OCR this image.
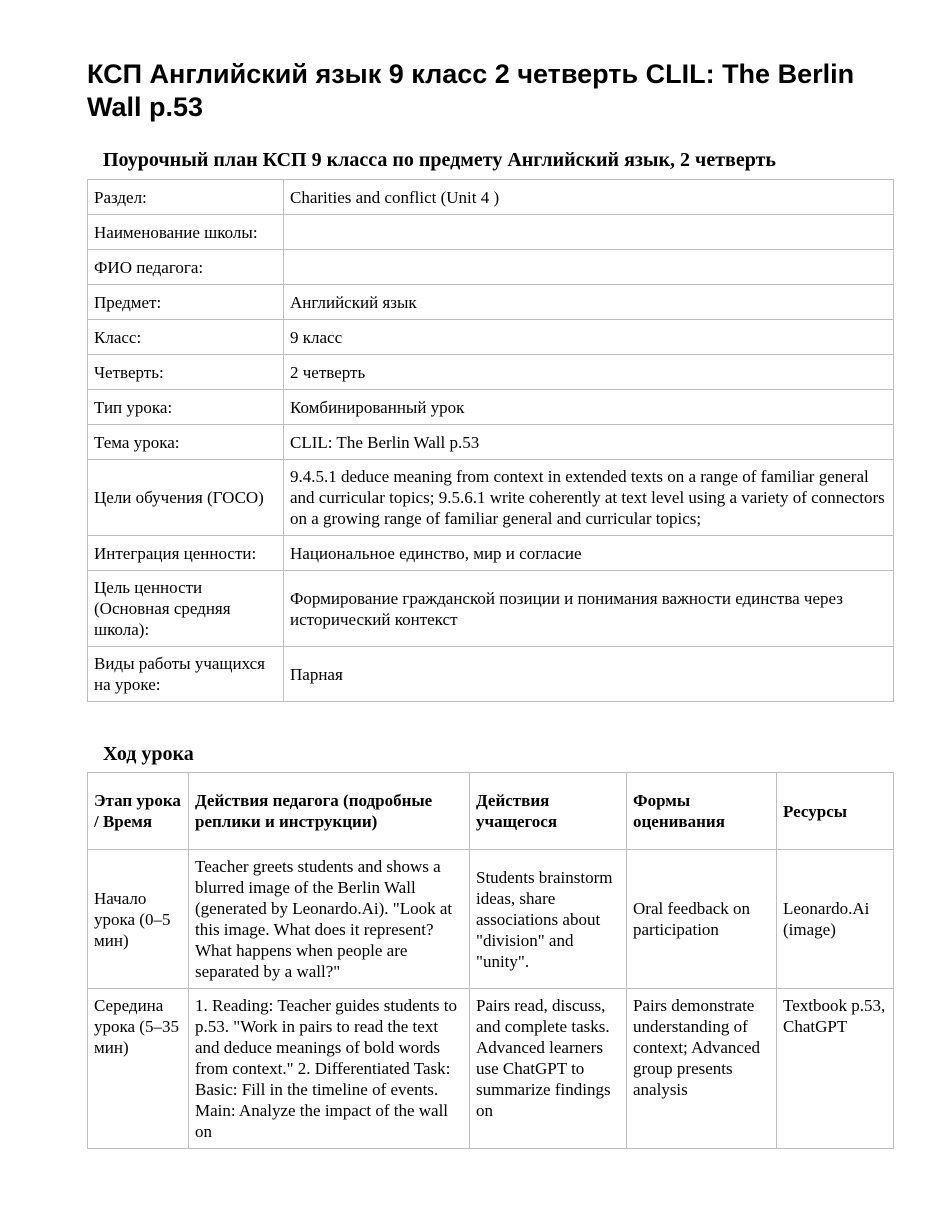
КСП Английский язык 9 класс 2 четверть CLIL: The Berlin Wall p.53
Поурочный план КСП 9 класса по предмету Английский язык, 2 четверть
Раздел:	Charities and conflict (Unit 4 )
Наименование школы:	
ФИО педагога:	
Предмет:	Английский язык
Класс:	9 класс
Четверть:	2 четверть
Тип урока:	Комбинированный урок
Тема урока:	CLIL: The Berlin Wall p.53
Цели обучения (ГОСО)	9.4.5.1 deduce meaning from context in extended texts on a range of familiar general and curricular topics; 9.5.6.1 write coherently at text level using a variety of connectors on a growing range of familiar general and curricular topics;
Интеграция ценности:	Национальное единство, мир и согласие
Цель ценности (Основная средняя школа):	Формирование гражданской позиции и понимания важности единства через исторический контекст
Виды работы учащихся на уроке:	Парная
Ход урока
Этап урока / Время	Действия педагога (подробные реплики и инструкции)	Действия учащегося	Формы оценивания	Ресурсы
Начало урока (0–5 мин)	Teacher greets students and shows a blurred image of the Berlin Wall (generated by Leonardo.Ai). "Look at this image. What does it represent? What happens when people are separated by a wall?"	Students brainstorm ideas, share associations about "division" and "unity".	Oral feedback on participation	Leonardo.Ai (image)
Середина урока (5–35 мин)	1. Reading: Teacher guides students to p.53. "Work in pairs to read the text and deduce meanings of bold words from context." 2. Differentiated Task: Basic: Fill in the timeline of events. Main: Analyze the impact of the wall on	Pairs read, discuss, and complete tasks. Advanced learners use ChatGPT to summarize findings on	Pairs demonstrate understanding of context; Advanced group presents analysis	Textbook p.53, ChatGPT
